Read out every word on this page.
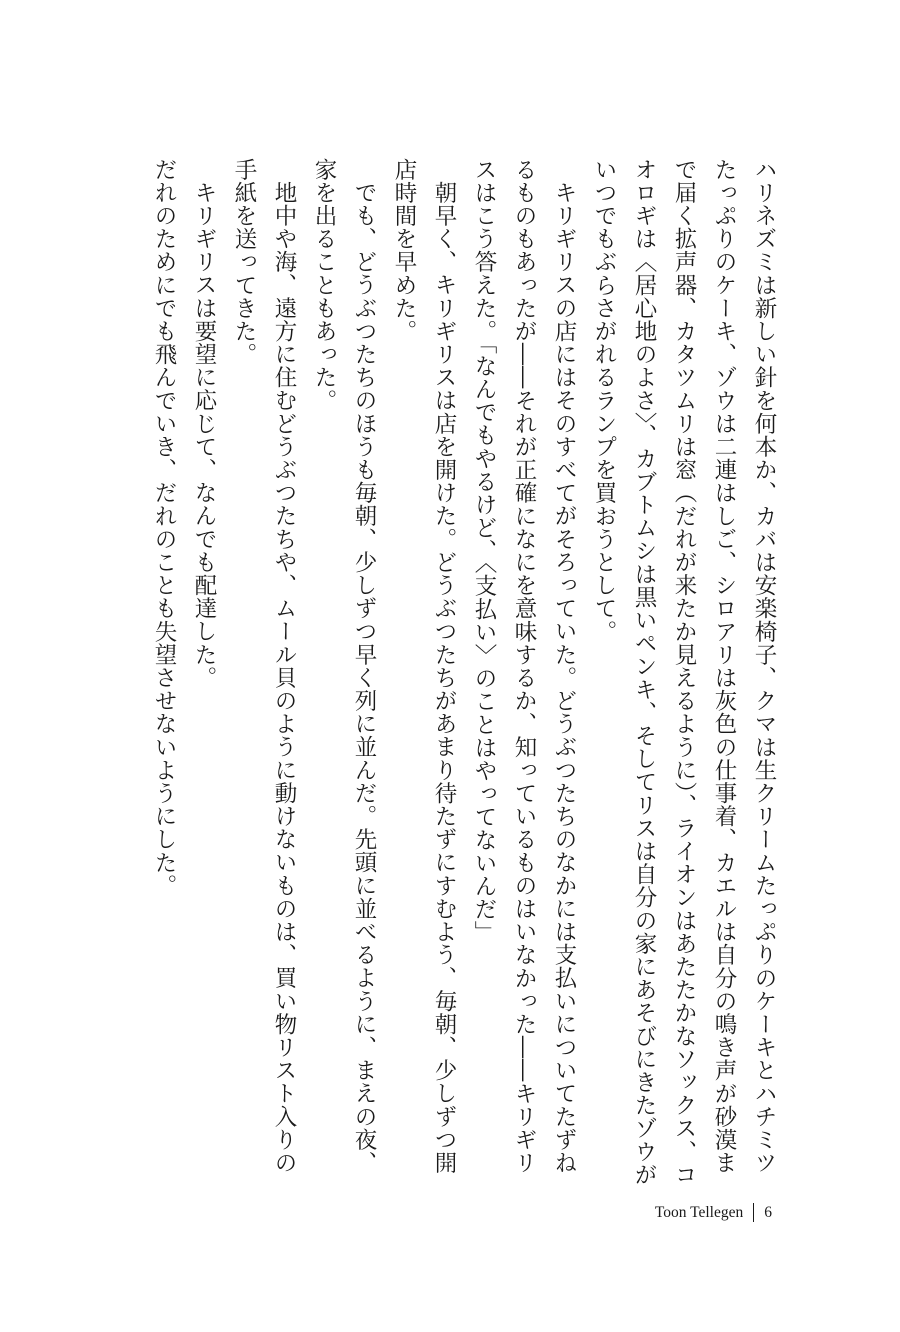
ハリネズミは新しい針を何本か、カバは安楽椅子、クマは生クリームたっぷりのケーキとハチミツたっぷりのケーキ、ゾウは二連はしご、シロアリは灰色の仕事着、カエルは自分の鳴き声が砂漠まで届く拡声器、カタツムリは窓（だれが来たか見えるように）、ライオンはあたたかなソックス、コオロギは〈居心地のよさ〉、カブトムシは黒いペンキ、そしてリスは自分の家にあそびにきたゾウがいつでもぶらさがれるランプを買おうとして。

キリギリスの店にはそのすべてがそろっていた。どうぶつたちのなかには支払いについてたずねるものもあったが――それが正確になにを意味するか、知っているものはいなかった――キリギリスはこう答えた。「なんでもやるけど、〈支払い〉のことはやってないんだ」

朝早く、キリギリスは店を開けた。どうぶつたちがあまり待たずにすむよう、毎朝、少しずつ開店時間を早めた。

でも、どうぶつたちのほうも毎朝、少しずつ早く列に並んだ。先頭に並べるように、まえの夜、家を出ることもあった。

地中や海、遠方に住むどうぶつたちや、ムール貝のように動けないものは、買い物リスト入りの手紙を送ってきた。

キリギリスは要望に応じて、なんでも配達した。

だれのためにでも飛んでいき、だれのことも失望させないようにした。

Toon Tellegen 6
